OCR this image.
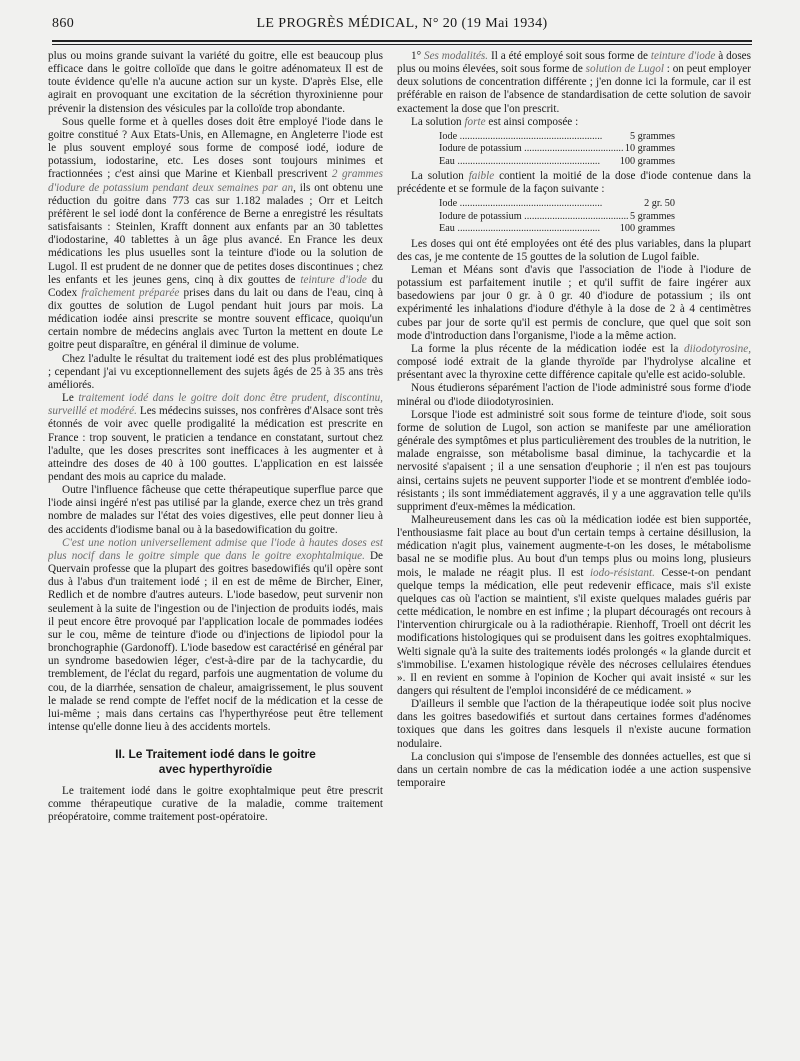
860	LE PROGRÈS MÉDICAL, N° 20 (19 Mai 1934)

plus ou moins grande suivant la variété du goitre, elle est beaucoup plus efficace dans le goitre colloïde que dans le goitre adénomateux Il est de toute évidence qu'elle n'a aucune action sur un kyste. D'après Else, elle agirait en provoquant une excitation de la sécrétion thyroxinienne pour prévenir la distension des vésicules par la colloïde trop abondante.

Sous quelle forme et à quelles doses doit être employé l'iode dans le goitre constitué ? Aux Etats-Unis, en Allemagne, en Angleterre l'iode est le plus souvent employé sous forme de composé iodé, iodure de potassium, iodostarine, etc. Les doses sont toujours minimes et fractionnées ; c'est ainsi que Marine et Kienball prescrivent 2 grammes d'iodure de potassium pendant deux semaines par an, ils ont obtenu une réduction du goitre dans 773 cas sur 1.182 malades ; Orr et Leitch préfèrent le sel iodé dont la conférence de Berne a enregistré les résultats satisfaisants : Steinlen, Krafft donnent aux enfants par an 30 tablettes d'iodostarine, 40 tablettes à un âge plus avancé. En France les deux médications les plus usuelles sont la teinture d'iode ou la solution de Lugol. Il est prudent de ne donner que de petites doses discontinues ; chez les enfants et les jeunes gens, cinq à dix gouttes de teinture d'iode du Codex fraîchement préparée prises dans du lait ou dans de l'eau, cinq à dix gouttes de solution de Lugol pendant huit jours par mois. La médication iodée ainsi prescrite se montre souvent efficace, quoiqu'un certain nombre de médecins anglais avec Turton la mettent en doute Le goitre peut disparaître, en général il diminue de volume.

Chez l'adulte le résultat du traitement iodé est des plus problématiques ; cependant j'ai vu exceptionnellement des sujets âgés de 25 à 35 ans très améliorés.

Le traitement iodé dans le goitre doit donc être prudent, discontinu, surveillé et modéré. Les médecins suisses, nos confrères d'Alsace sont très étonnés de voir avec quelle prodigalité la médication est prescrite en France : trop souvent, le praticien a tendance en constatant, surtout chez l'adulte, que les doses prescrites sont inefficaces à les augmenter et à atteindre des doses de 40 à 100 gouttes. L'application en est laissée pendant des mois au caprice du malade.

Outre l'influence fâcheuse que cette thérapeutique superflue parce que l'iode ainsi ingéré n'est pas utilisé par la glande, exerce chez un très grand nombre de malades sur l'état des voies digestives, elle peut donner lieu à des accidents d'iodisme banal ou à la basedowification du goitre.

C'est une notion universellement admise que l'iode à hautes doses est plus nocif dans le goitre simple que dans le goitre exophtalmique. De Quervain professe que la plupart des goitres basedowifiés qu'il opère sont dus à l'abus d'un traitement iodé ; il en est de même de Bircher, Einer, Redlich et de nombre d'autres auteurs. L'iode basedow, peut survenir non seulement à la suite de l'ingestion ou de l'injection de produits iodés, mais il peut encore être provoqué par l'application locale de pommades iodées sur le cou, même de teinture d'iode ou d'injections de lipiodol pour la bronchographie (Gardonoff). L'iode basedow est caractérisé en général par un syndrome basedowien léger, c'est-à-dire par de la tachycardie, du tremblement, de l'éclat du regard, parfois une augmentation de volume du cou, de la diarrhée, sensation de chaleur, amaigrissement, le plus souvent le malade se rend compte de l'effet nocif de la médication et la cesse de lui-même ; mais dans certains cas l'hyperthyréose peut être tellement intense qu'elle donne lieu à des accidents mortels.

II. Le Traitement iodé dans le goitre
avec hyperthyroïdie

Le traitement iodé dans le goitre exophtalmique peut être prescrit comme thérapeutique curative de la maladie, comme traitement préopératoire, comme traitement post-opératoire.

1° Ses modalités. Il a été employé soit sous forme de teinture d'iode à doses plus ou moins élevées, soit sous forme de solution de Lugol : on peut employer deux solutions de concentration différente ; j'en donne ici la formule, car il est préférable en raison de l'absence de standardisation de cette solution de savoir exactement la dose que l'on prescrit.

La solution forte est ainsi composée :

Iode .....	5 grammes
Iodure de potassium .....	10 grammes
Eau .....	100 grammes

La solution faible contient la moitié de la dose d'iode contenue dans la précédente et se formule de la façon suivante :

Iode .....	2 gr. 50
Iodure de potassium .....	5 grammes
Eau .....	100 grammes

Les doses qui ont été employées ont été des plus variables, dans la plupart des cas, je me contente de 15 gouttes de la solution de Lugol faible.

Leman et Méans sont d'avis que l'association de l'iode à l'iodure de potassium est parfaitement inutile ; et qu'il suffit de faire ingérer aux basedowiens par jour 0 gr. à 0 gr. 40 d'iodure de potassium ; ils ont expérimenté les inhalations d'iodure d'éthyle à la dose de 2 à 4 centimètres cubes par jour de sorte qu'il est permis de conclure, que quel que soit son mode d'introduction dans l'organisme, l'iode a la même action.

La forme la plus récente de la médication iodée est la diiodotyrosine, composé iodé extrait de la glande thyroïde par l'hydrolyse alcaline et présentant avec la thyroxine cette différence capitale qu'elle est acido-soluble.

Nous étudierons séparément l'action de l'iode administré sous forme d'iode minéral ou d'iode diiodotyrosinien.

Lorsque l'iode est administré soit sous forme de teinture d'iode, soit sous forme de solution de Lugol, son action se manifeste par une amélioration générale des symptômes et plus particulièrement des troubles de la nutrition, le malade engraisse, son métabolisme basal diminue, la tachycardie et la nervosité s'apaisent ; il a une sensation d'euphorie ; il n'en est pas toujours ainsi, certains sujets ne peuvent supporter l'iode et se montrent d'emblée iodo-résistants ; ils sont immédiatement aggravés, il y a une aggravation telle qu'ils suppriment d'eux-mêmes la médication.

Malheureusement dans les cas où la médication iodée est bien supportée, l'enthousiasme fait place au bout d'un certain temps à certaine désillusion, la médication n'agit plus, vainement augmente-t-on les doses, le métabolisme basal ne se modifie plus. Au bout d'un temps plus ou moins long, plusieurs mois, le malade ne réagit plus. Il est iodo-résistant. Cesse-t-on pendant quelque temps la médication, elle peut redevenir efficace, mais s'il existe quelques cas où l'action se maintient, s'il existe quelques malades guéris par cette médication, le nombre en est infime ; la plupart découragés ont recours à l'intervention chirurgicale ou à la radiothérapie. Rienhoff, Troell ont décrit les modifications histologiques qui se produisent dans les goitres exophtalmiques. Welti signale qu'à la suite des traitements iodés prolongés « la glande durcit et s'immobilise. L'examen histologique révèle des nécroses cellulaires étendues ». Il en revient en somme à l'opinion de Kocher qui avait insisté « sur les dangers qui résultent de l'emploi inconsidéré de ce médicament. »

D'ailleurs il semble que l'action de la thérapeutique iodée soit plus nocive dans les goitres basedowifiés et surtout dans certaines formes d'adénomes toxiques que dans les goitres dans lesquels il n'existe aucune formation nodulaire.

La conclusion qui s'impose de l'ensemble des données actuelles, est que si dans un certain nombre de cas la médication iodée a une action suspensive temporaire
